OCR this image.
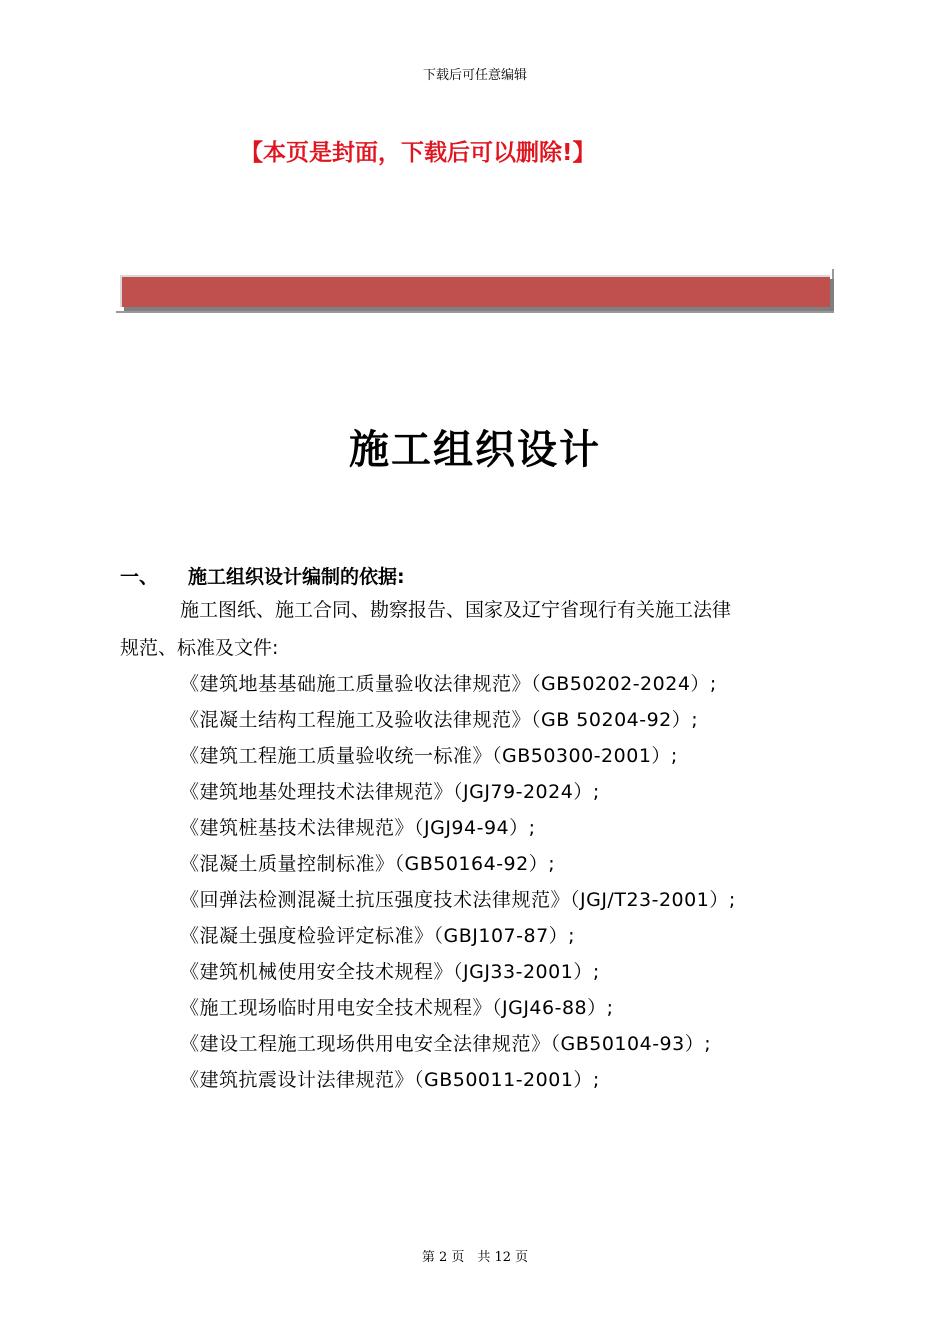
下载后可任意编辑
【本页是封面，下载后可以删除!】
施工组织设计
一、 施工组织设计编制的依据:
施工图纸、施工合同、勘察报告、国家及辽宁省现行有关施工法律
规范、标准及文件:
《建筑地基基础施工质量验收法律规范》（GB50202-2024）;
《混凝土结构工程施工及验收法律规范》（GB 50204-92）;
《建筑工程施工质量验收统一标准》（GB50300-2001）;
《建筑地基处理技术法律规范》（JGJ79-2024）;
《建筑桩基技术法律规范》（JGJ94-94）;
《混凝土质量控制标准》（GB50164-92）;
《回弹法检测混凝土抗压强度技术法律规范》（JGJ/T23-2001）;
《混凝土强度检验评定标准》（GBJ107-87）;
《建筑机械使用安全技术规程》（JGJ33-2001）;
《施工现场临时用电安全技术规程》（JGJ46-88）;
《建设工程施工现场供用电安全法律规范》（GB50104-93）;
《建筑抗震设计法律规范》（GB50011-2001）;
第 2 页　共 12 页
